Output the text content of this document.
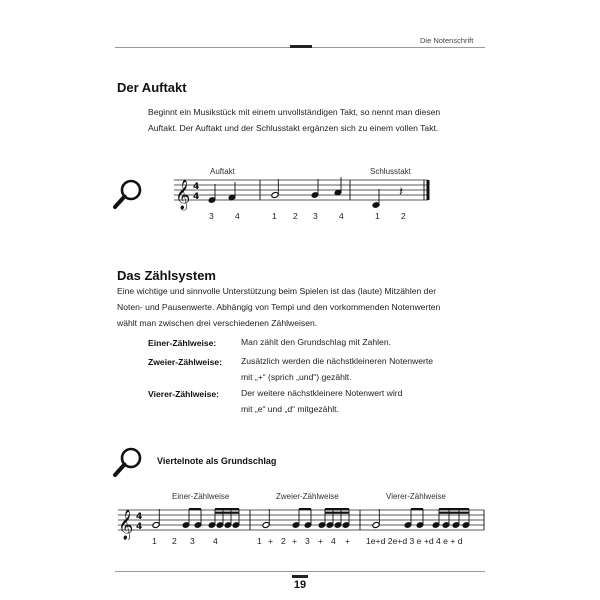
Die Notenschrift
Der Auftakt

Beginnt ein Musikstück mit einem unvollständigen Takt, so nennt man diesen

Auftakt. Der Auftakt und der Schlusstakt ergänzen sich zu einem vollen Takt.

Auftakt	Schlusstakt
𝄞 4
4	𝄽
3 4	1 2 3 4	1 2
Das Zählsystem

Eine wichtige und sinnvolle Unterstützung beim Spielen ist das (laute) Mitzählen der

Noten- und Pausenwerte. Abhängig von Tempi und den vorkommenden Notenwerten

wählt man zwischen drei verschiedenen Zählweisen.

Einer-Zählweise:	Man zählt den Grundschlag mit Zahlen.
Zweier-Zählweise: Zusätzlich werden die nächstkleineren Notenwerte
mit „+“ (sprich „und“) gezählt.
Vierer-Zählweise:	Der weitere nächstkleinere Notenwert wird
mit „e“ und „d“ mitgezählt.
Viertelnote als Grundschlag
Einer-Zählweise	Zweier-Zählweise	Vierer-Zählweise
𝄞 4
4
1 2 3 4	1 + 2 + 3 + 4 + 1e+d 2e+d 3 e +d 4 e + d
19
